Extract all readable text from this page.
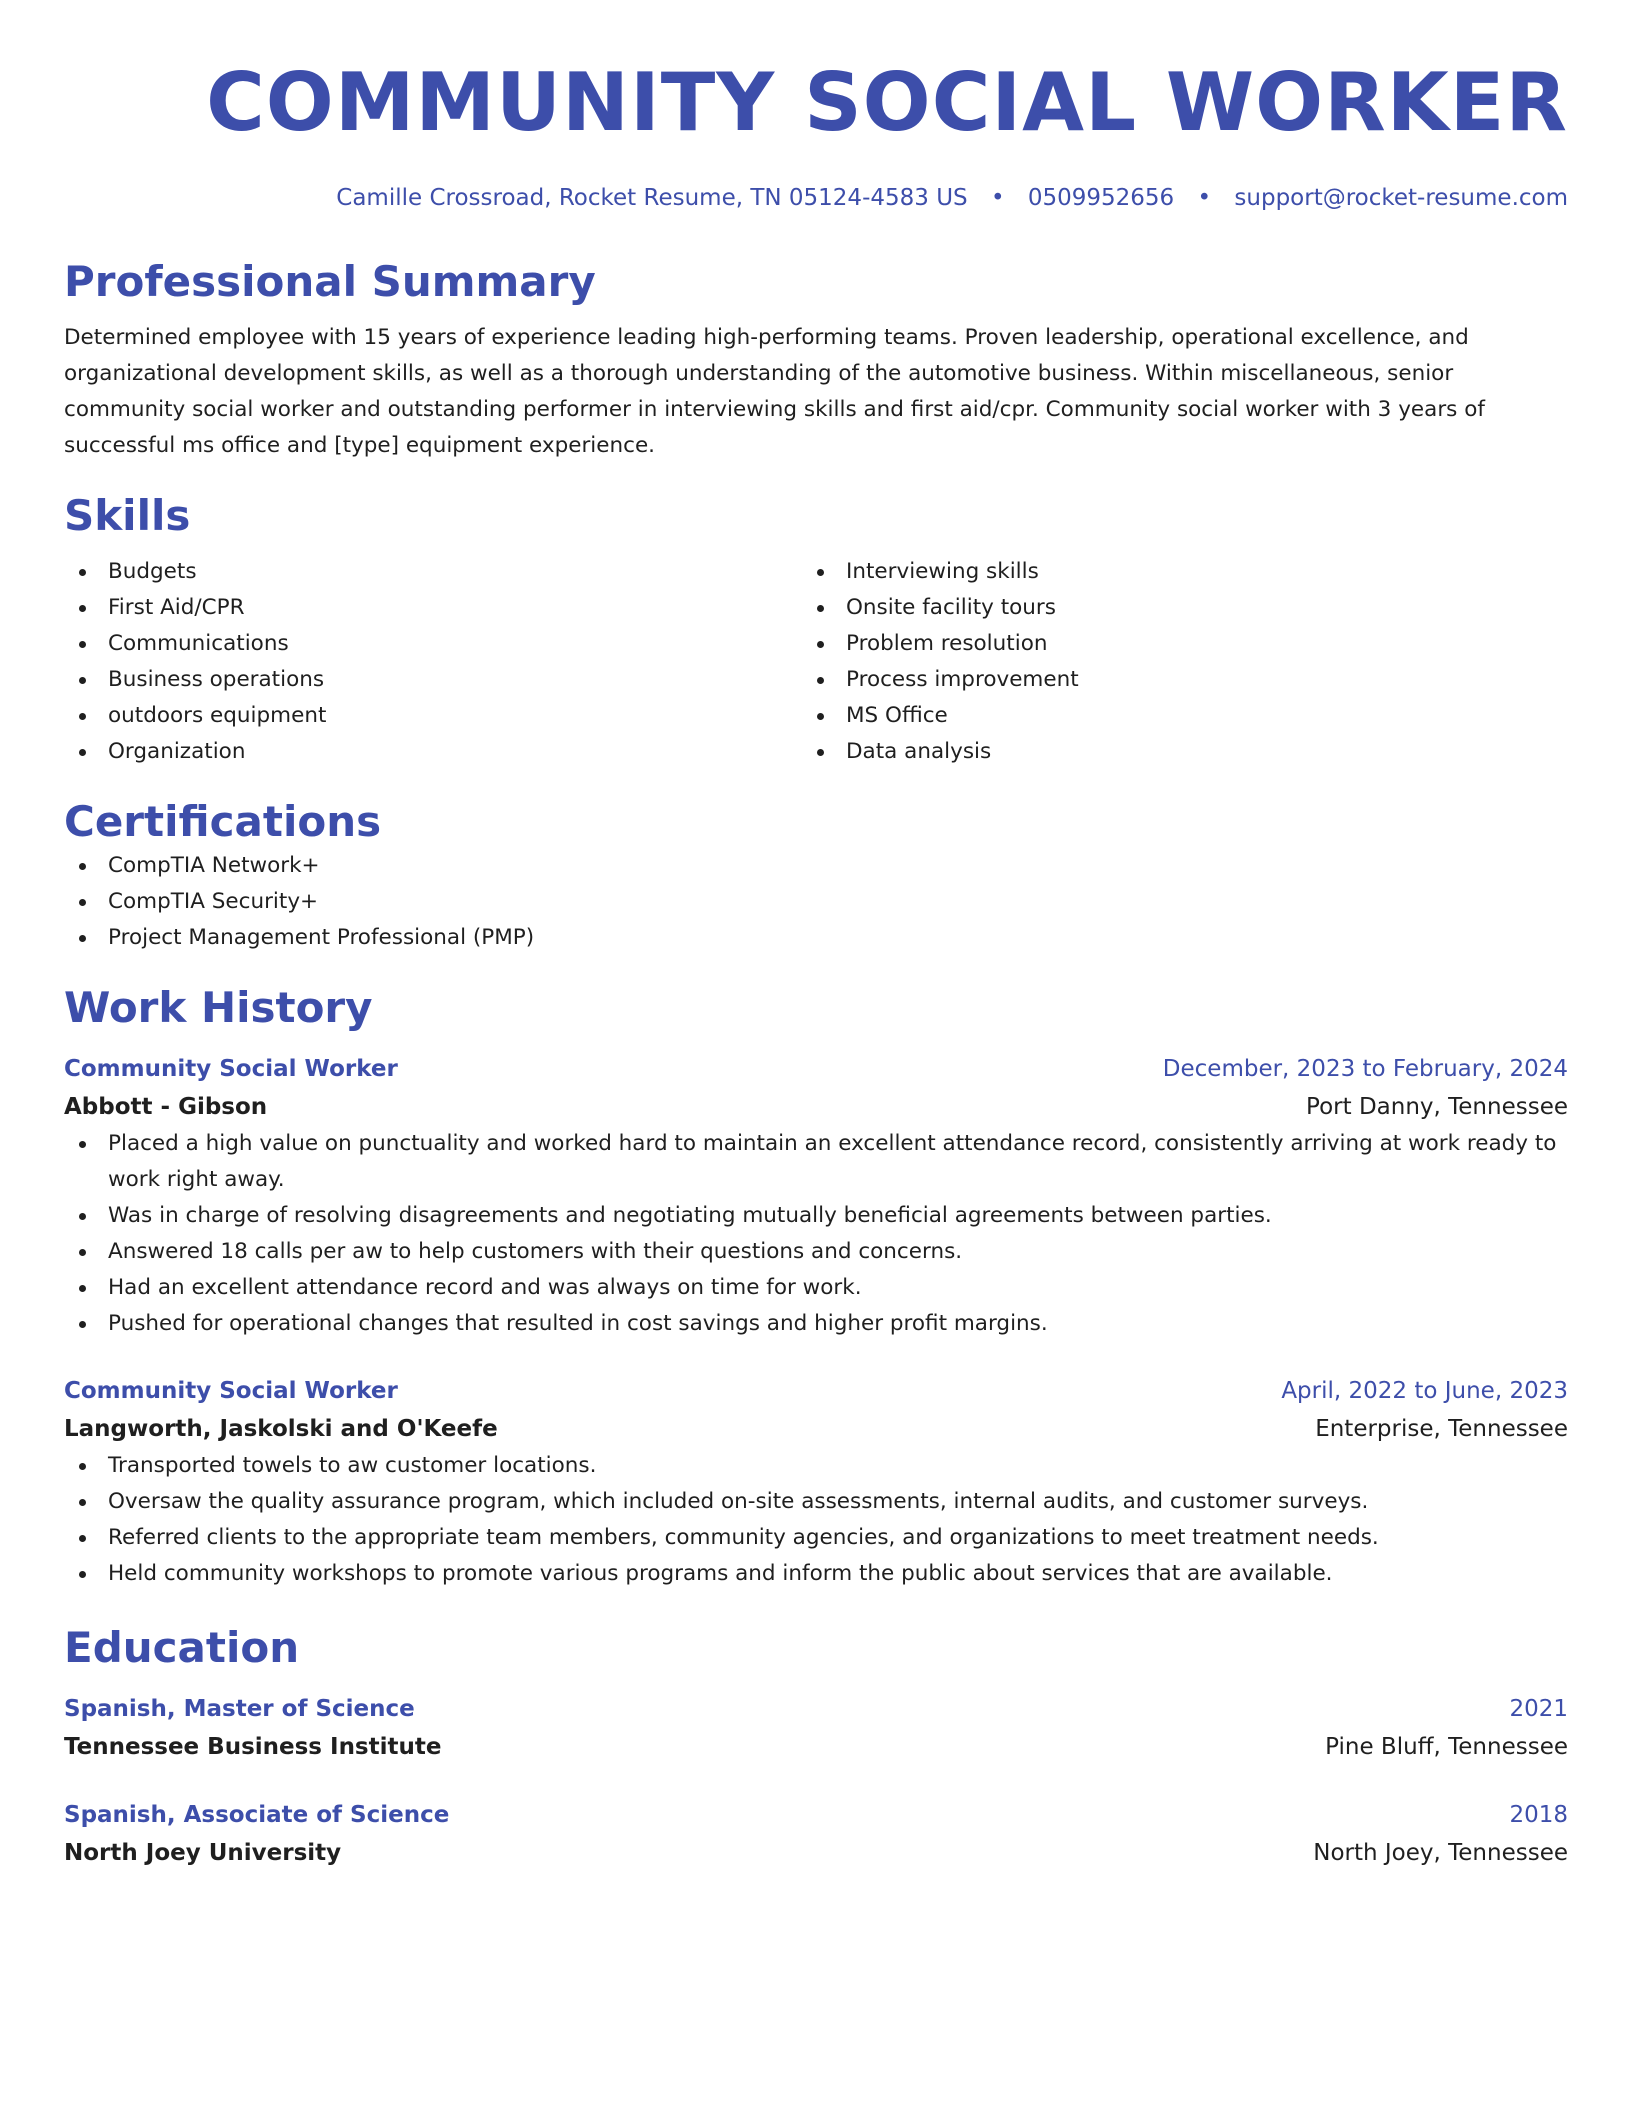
COMMUNITY SOCIAL WORKER
Camille Crossroad, Rocket Resume, TN 05124-4583 US • 0509952656 • support@rocket-resume.com
Professional Summary

Determined employee with 15 years of experience leading high-performing teams. Proven leadership, operational excellence, and organizational development skills, as well as a thorough understanding of the automotive business. Within miscellaneous, senior community social worker and outstanding performer in interviewing skills and first aid/cpr. Community social worker with 3 years of successful ms office and [type] equipment experience.

Skills
Budgets
First Aid/CPR
Communications
Business operations
outdoors equipment
Organization
Interviewing skills
Onsite facility tours
Problem resolution
Process improvement
MS Office
Data analysis
Certifications
CompTIA Network+
CompTIA Security+
Project Management Professional (PMP)
Work History
Community Social Worker	December, 2023 to February, 2024
Abbott - Gibson	Port Danny, Tennessee
Placed a high value on punctuality and worked hard to maintain an excellent attendance record, consistently arriving at work ready to work right away.
Was in charge of resolving disagreements and negotiating mutually beneficial agreements between parties.
Answered 18 calls per aw to help customers with their questions and concerns.
Had an excellent attendance record and was always on time for work.
Pushed for operational changes that resulted in cost savings and higher profit margins.
Community Social Worker	April, 2022 to June, 2023
Langworth, Jaskolski and O'Keefe	Enterprise, Tennessee
Transported towels to aw customer locations.
Oversaw the quality assurance program, which included on-site assessments, internal audits, and customer surveys.
Referred clients to the appropriate team members, community agencies, and organizations to meet treatment needs.
Held community workshops to promote various programs and inform the public about services that are available.
Education
Spanish, Master of Science	2021
Tennessee Business Institute	Pine Bluff, Tennessee
Spanish, Associate of Science	2018
North Joey University	North Joey, Tennessee
